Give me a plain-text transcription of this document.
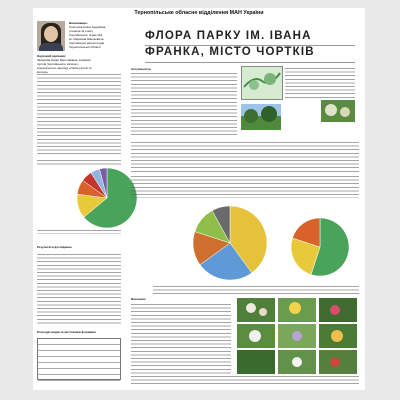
Тернопільське обласне відділення МАН України
Виконавець:
Соколова Ірина Андріївна,
ученица 11 класу
Чортківського ліцею №1
ім. Маркіяна Шашкевича
Чортківської міської ради
Тернопільської області
Науковий керівник:
Захарова Надія Ярославівна, керівник
гуртків Чортківського міського
комунального закладу «Палац дітей та
молоді»
ФЛОРА ПАРКУ ІМ. ІВАНА ФРАНКА, МІСТО ЧОРТКІВ
Результати досліджень
Розподіл видів за життєвими формами
Актуальність
Висновки
